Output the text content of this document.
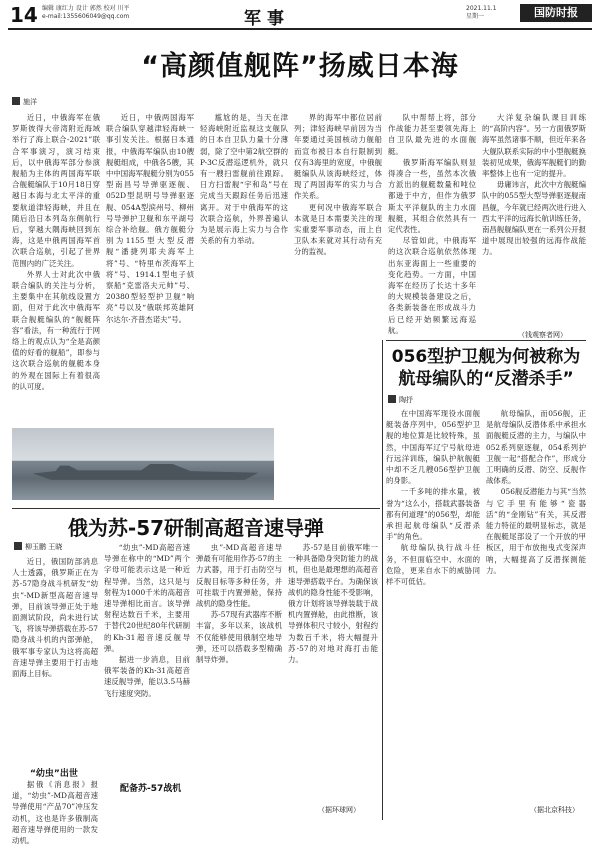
14 编辑 康红力 设计 郭然 校对 川平
e-mail:1355606049@qq.com	军事
2021.11.1
星期一	国防时报
“高颜值舰阵”扬威日本海
施洋

近日，中俄海军在俄罗斯彼得大帝湾附近海域举行了海上联合-2021”联合军事演习，演习结束后，以中俄海军部分参演舰船为主体的两国海军联合舰艇编队于10月18日穿越日本海与北太平洋的重要航道津轻海峡，并且在随后沿日本列岛东侧航行后，穿越大隅海峡回到东海，这是中俄两国海军首次联合巡航，引起了世界范围内的广泛关注。

外界人士对此次中俄联合编队的关注与分析，主要集中在其航线设置方面，但对于此次中俄海军联合舰艇编队的“舰艇阵容”看法，有一种流行于网络上的观点认为“全是高颜值的好看的舰船”，即参与这次联合巡航的舰艇本身的外观在国际上有着很高的认可度。

近日，中俄两国海军联合编队穿越津轻海峡一事引发关注。根据日本通报，中俄海军编队由10艘舰艇组成，中俄各5艘，其中中国海军舰艇分别为055型南昌号导弹驱逐舰、052D型昆明号导弹驱逐舰、054A型滨州号、柳州号导弹护卫舰和东平湖号综合补给舰。俄方舰艇分别为1155型大型反潜舰“潘捷列耶夫海军上将”号、“特里布茨海军上将”号、1914.1型电子侦察船“克雷洛夫元帅”号、20380型轻型护卫舰“响亮”号以及“俄联邦英雄阿尔达尔·齐普杰诺夫”号。

尴尬的是，当天在津轻海峡附近监视这支舰队的日本自卫队力量十分薄弱，除了空中第2航空群的P-3C反潜巡逻机外，就只有一艘扫雷舰前往跟踪。日方扫雷舰“宇和岛”号在完成当天跟踪任务后迅速离开。对于中俄海军的这次联合巡航，外界普遍认为是展示海上实力与合作关系的有力举动。

界的海军中都位居前列；津轻海峡早前因为当年要通过美国核动力舰船而宣布被日本自行限制到仅有3海里的宽度，中俄舰艇编队从该海峡经过，体现了两国海军的实力与合作关系。

更何况中俄海军联合本就是日本需要关注的现实重要军事动态，而上自卫队本来就对其行动有充分的监视。

队中帮帮上将，部分作战能力甚至要领先海上自卫队最先进的水面舰艇。

俄罗斯海军编队则显得凑合一些，虽然本次俄方派出的舰艇数量和吨位都逊于中方，但作为俄罗斯太平洋舰队的主力水面舰艇，其组合依然具有一定代表性。

尽管如此，中俄海军的这次联合巡航依然体现出东亚海面上一些重要的变化趋势。一方面，中国海军在经历了长达十多年的大规模装备建设之后，各类新装备在形成战斗力后已经开始频繁远海巡航。

大洋复杂编队课目训练的“高阶内容”。另一方面俄罗斯海军虽然诸事不顺，但近年来各大舰队联系实际的中小型舰艇换装初见成果，俄海军舰艇们的勤率整体上也有一定的提升。

毋庸讳言，此次中方舰艇编队中的055型大型导弹驱逐舰南昌舰，今年就已经两次进行进入西太平洋的远海长航训练任务，南昌舰舰编队更在一系列公开报道中展现出较强的远海作战能力。

（钱观察者网）
056型护卫舰为何被称为航母编队的“反潜杀手”
陶抒

在中国海军现役水面舰艇装备序列中，056型护卫舰的地位算是比较特殊，虽然，中国海军辽宁号航母进行远洋训练，编队护航舰艇中却不乏几艘056型护卫舰的身影。

一千多吨的排水量，被誉为“这么小，搭载武器装备都有何道理”的056型，却能承担起航母编队“反潜杀手”的角色。

航母编队执行战斗任务，不但面临空中、水面的危险，更来自水下的威胁同样不可低估。

航母编队，而056舰，正是航母编队反潜体系中承担水面舰艇反潜的主力，与编队中052系列驱逐舰，054系列护卫舰一起“搭配合作”，形成分工明确的反潜、防空、反舰作战体系。

056舰反潜能力与其“当然与它手里有能够“瓷器活”的“金刚钻”有关，其反潜能力特征的最明显标志，就是在舰艇尾部设了一个开放的甲板区，用于布放拖曳式变深声呐，大幅提高了反潜探测能力。

（据北京科技）
俄为苏-57研制高超音速导弹
柳玉鹏 王晓

近日，俄国防部消息人士透露，俄罗斯正在为苏-57隐身战斗机研发“幼虫”-MD新型高超音速导弹，目前该导弹正处于地面测试阶段，尚未进行试飞，将该导弹搭载在苏-57隐身战斗机的内部弹舱，俄军事专家认为这将高超音速导弹主要用于打击地面海上目标。

“幼虫”出世

据俄《消息报》报道，“幼虫”-MD高超音速导弹使用“产品70”冲压发动机，这也是许多俄制高超音速导弹使用的一款发动机。

“幼虫”-MD高超音速导弹在称中的“MD”两个字母可能表示这是一种近程导弹。当然，这只是与射程为1000千米的高超音速导弹相比而言。该导弹射程达数百千米，主要用于替代20世纪80年代研制的Kh-31超音速反舰导弹。

据进一步消息，目前俄军装备的Kh-31高超音速反舰导弹，能以3.5马赫飞行速度突防。

虫”-MD高超音速导弹最有可能用作苏-57的主力武器，用于打击防空与反舰目标等多种任务，并可挂载于内置弹舱，保持战机的隐身性能。

苏-57现有武器库不断丰富，多年以来，该战机不仅能够使用俄制空地导弹，还可以搭载多型精确制导炸弹。

苏-57是目前俄军唯一一种具备隐身突防能力的战机，但也是最理想的高超音速导弹搭载平台。为确保该战机的隐身性能不受影响，俄方计划将该导弹装载于战机内置弹舱，由此推断，该导弹体积尺寸较小，射程约为数百千米，将大幅提升苏-57的对地对海打击能力。

配备苏-57战机
（据环球网）
